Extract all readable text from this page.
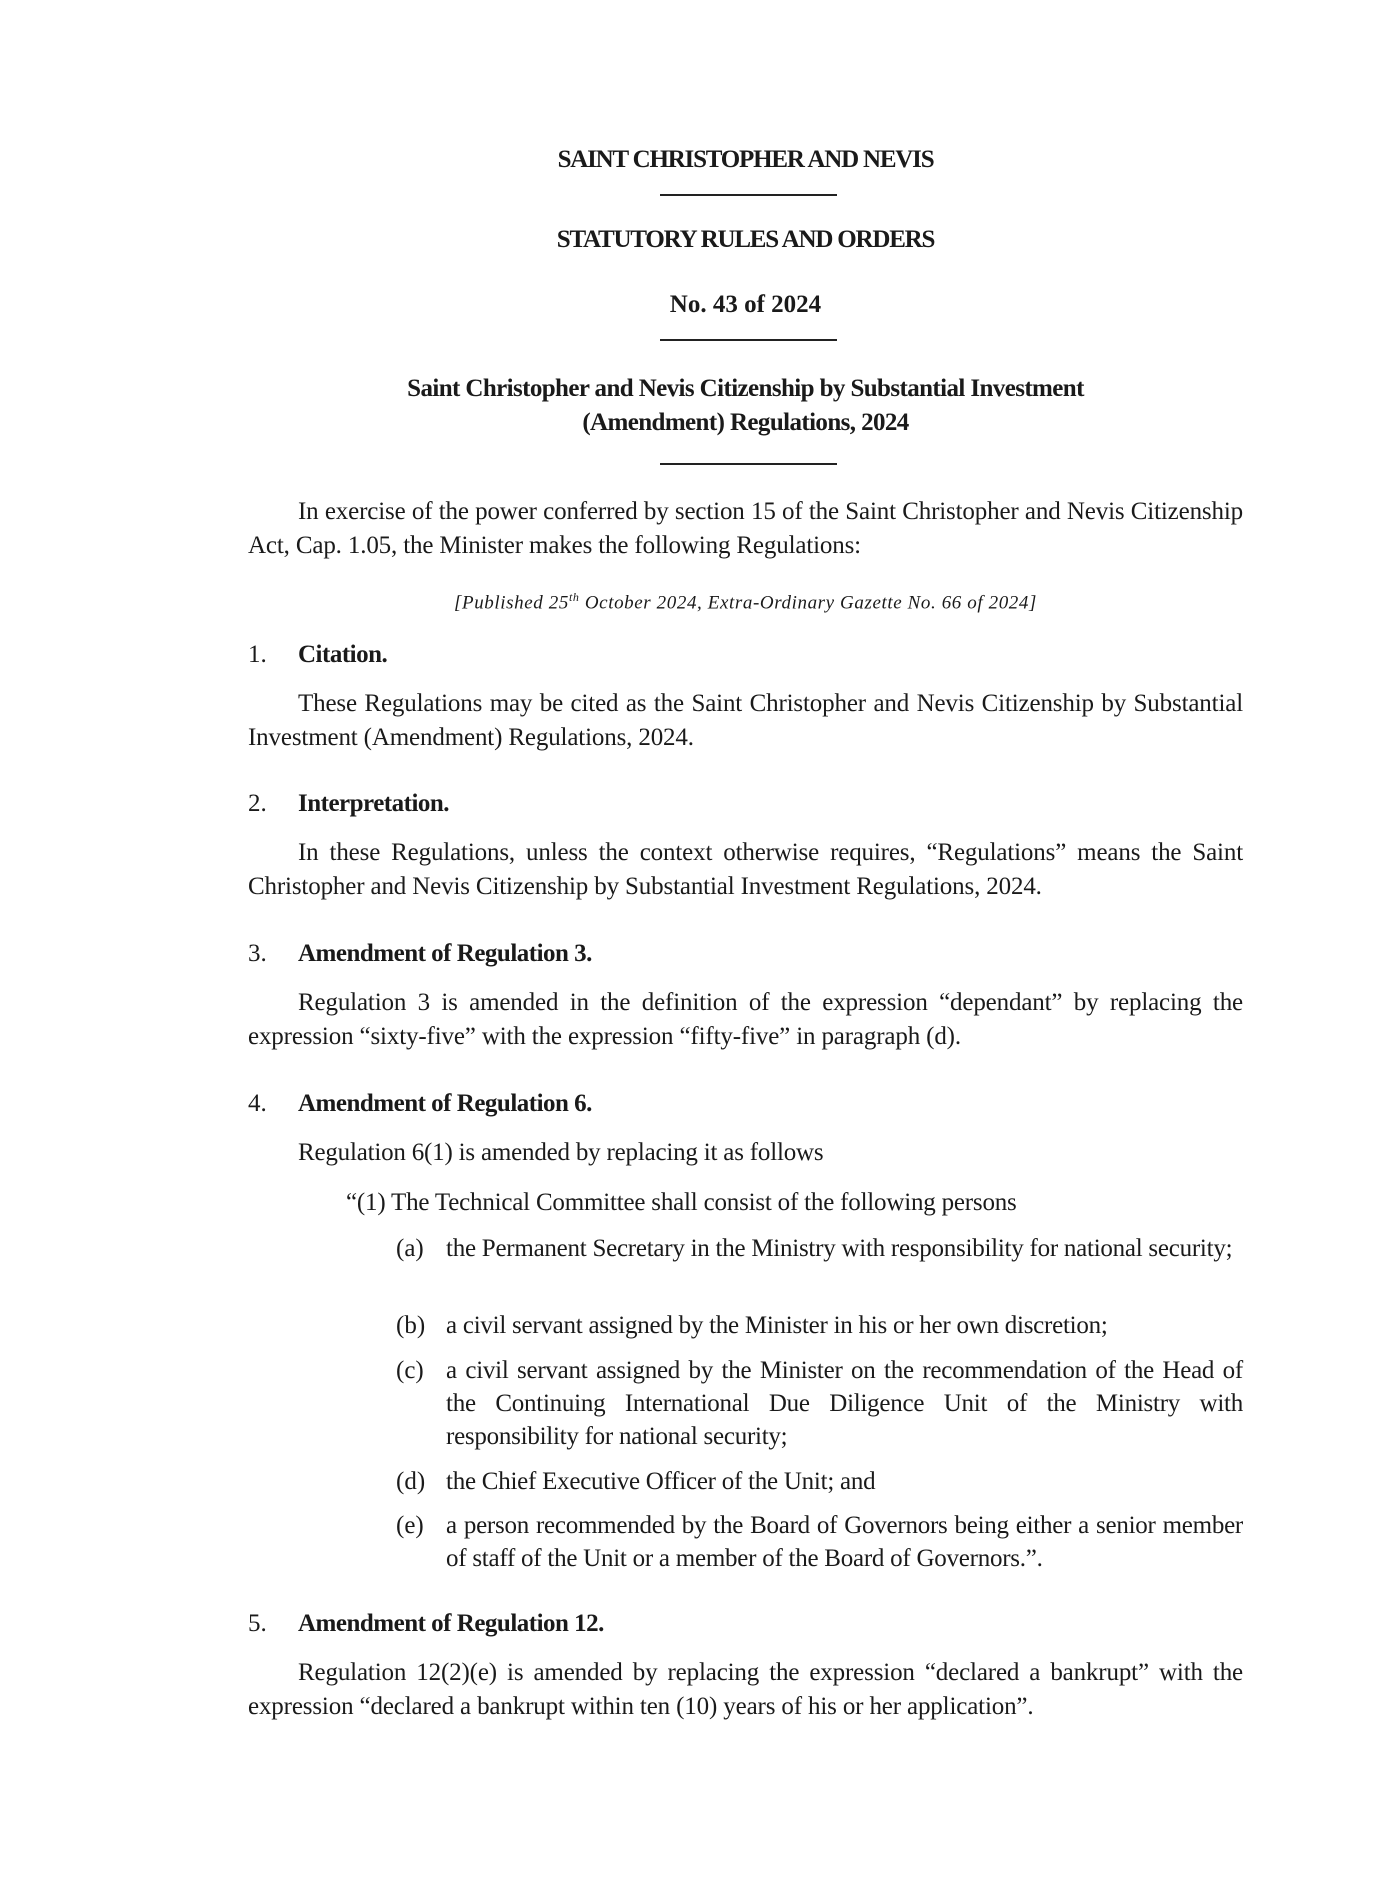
SAINT CHRISTOPHER AND NEVIS
STATUTORY RULES AND ORDERS
No. 43 of 2024
Saint Christopher and Nevis Citizenship by Substantial Investment
(Amendment) Regulations, 2024
In exercise of the power conferred by section 15 of the Saint Christopher and Nevis Citizenship Act, Cap. 1.05, the Minister makes the following Regulations:
[Published 25th October 2024, Extra-Ordinary Gazette No. 66 of 2024]
1. Citation.
These Regulations may be cited as the Saint Christopher and Nevis Citizenship by Substantial Investment (Amendment) Regulations, 2024.
2. Interpretation.
In these Regulations, unless the context otherwise requires, “Regulations” means the Saint Christopher and Nevis Citizenship by Substantial Investment Regulations, 2024.
3. Amendment of Regulation 3.
Regulation 3 is amended in the definition of the expression “dependant” by replacing the expression “sixty-five” with the expression “fifty-five” in paragraph (d).
4. Amendment of Regulation 6.
Regulation 6(1) is amended by replacing it as follows
“(1) The Technical Committee shall consist of the following persons
(a) the Permanent Secretary in the Ministry with responsibility for national security;
(b) a civil servant assigned by the Minister in his or her own discretion;
(c) a civil servant assigned by the Minister on the recommendation of the Head of the Continuing International Due Diligence Unit of the Ministry with responsibility for national security;
(d) the Chief Executive Officer of the Unit; and
(e) a person recommended by the Board of Governors being either a senior member of staff of the Unit or a member of the Board of Governors.”.
5. Amendment of Regulation 12.
Regulation 12(2)(e) is amended by replacing the expression “declared a bankrupt” with the expression “declared a bankrupt within ten (10) years of his or her application”.
